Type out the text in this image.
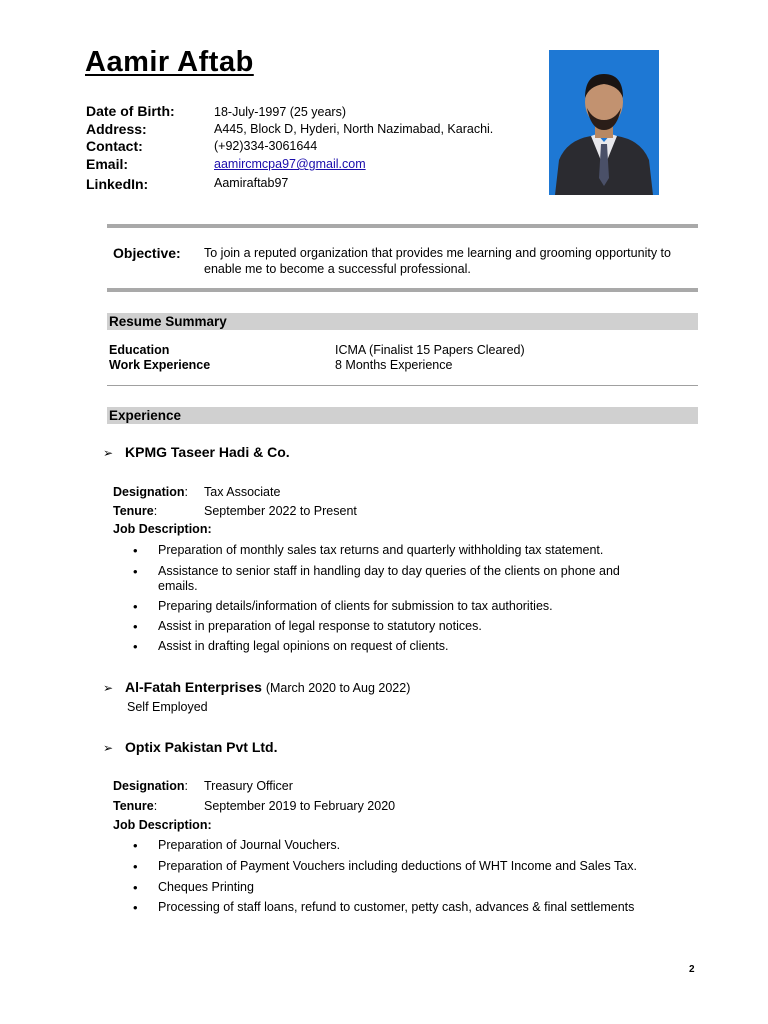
Aamir Aftab
Date of Birth:	18-July-1997 (25 years)
Address:	A445, Block D, Hyderi, North Nazimabad, Karachi.
Contact:	(+92)334-3061644
Email:	aamircmcpa97@gmail.com
LinkedIn:	Aamiraftab97
Objective: To join a reputed organization that provides me learning and grooming opportunity to enable me to become a successful professional.
Resume Summary
Education	ICMA (Finalist 15 Papers Cleared)
Work Experience	8 Months Experience
Experience
➢ KPMG Taseer Hadi & Co.
Designation: Tax Associate
Tenure:	September 2022 to Present
Job Description:
• Preparation of monthly sales tax returns and quarterly withholding tax statement.
• Assistance to senior staff in handling day to day queries of the clients on phone and emails.
• Preparing details/information of clients for submission to tax authorities.
• Assist in preparation of legal response to statutory notices.
• Assist in drafting legal opinions on request of clients.
➢ Al-Fatah Enterprises (March 2020 to Aug 2022)
Self Employed
➢ Optix Pakistan Pvt Ltd.
Designation: Treasury Officer
Tenure:	September 2019 to February 2020
Job Description:
• Preparation of Journal Vouchers.
• Preparation of Payment Vouchers including deductions of WHT Income and Sales Tax.
• Cheques Printing
• Processing of staff loans, refund to customer, petty cash, advances & final settlements
2
